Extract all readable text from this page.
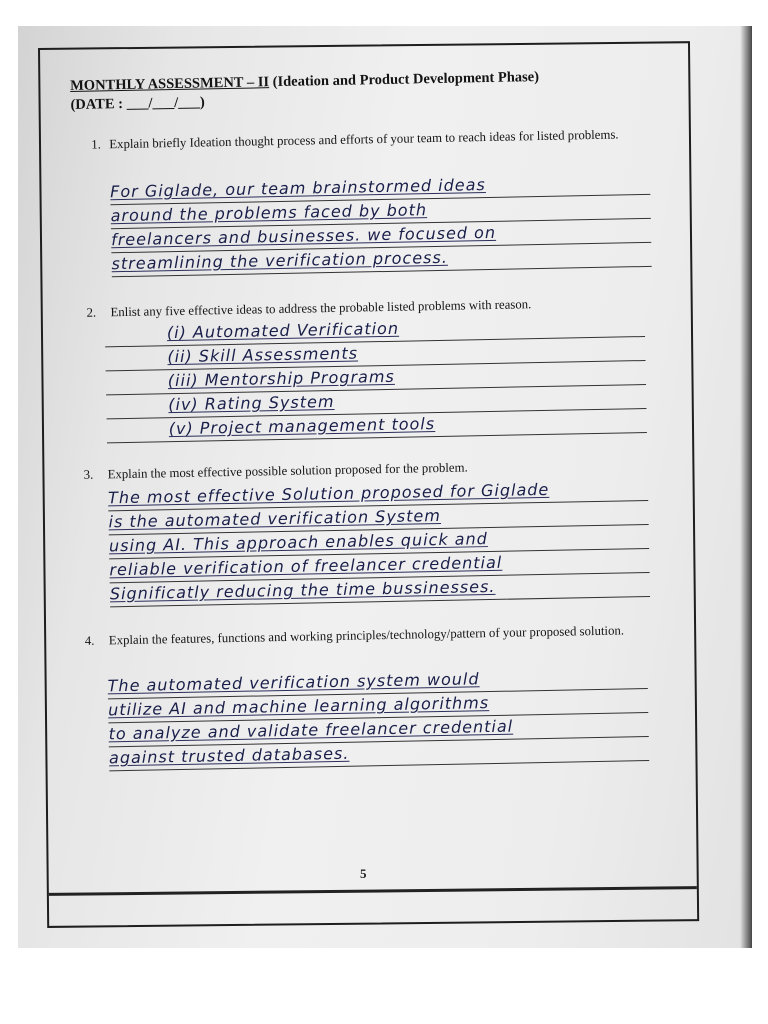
MONTHLY ASSESSMENT – II (Ideation and Product Development Phase)

(DATE : ___/___/___)

1. Explain briefly Ideation thought process and efforts of your team to reach ideas for listed problems.
For Giglade, our team brainstormed ideas
around the problems faced by both
freelancers and businesses. we focused on
streamlining the verification process.
2.	Enlist any five effective ideas to address the probable listed problems with reason.
(i) Automated Verification
(ii) Skill Assessments
(iii) Mentorship Programs
(iv) Rating System
(v) Project management tools
3.	Explain the most effective possible solution proposed for the problem.
The most effective Solution proposed for Giglade
is the automated verification System
using AI. This approach enables quick and
reliable verification of freelancer credential
Significatly reducing the time bussinesses.
4.	Explain the features, functions and working principles/technology/pattern of your proposed solution.
The automated verification system would
utilize AI and machine learning algorithms
to analyze and validate freelancer credential
against trusted databases.
5
